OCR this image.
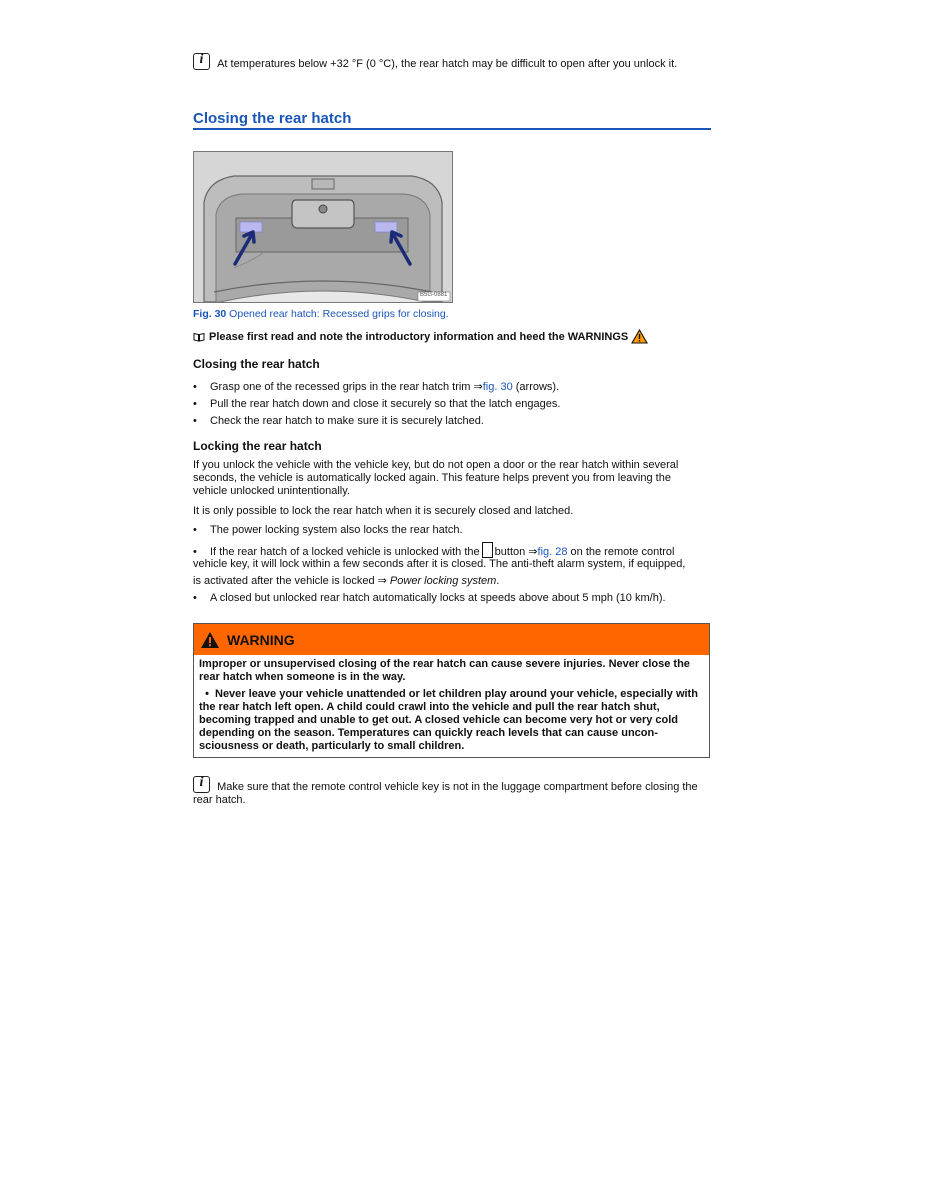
i	At temperatures below +32 °F (0 °C), the rear hatch may be difficult to open after you unlock it.
Closing the rear hatch
B5G-0881
Fig. 30 Opened rear hatch: Recessed grips for closing.
Please first read and note the introductory information and heed the WARNINGS
Closing the rear hatch
•	Grasp one of the recessed grips in the rear hatch trim ⇒fig. 30 (arrows).
•	Pull the rear hatch down and close it securely so that the latch engages.
•	Check the rear hatch to make sure it is securely latched.
Locking the rear hatch
If you unlock the vehicle with the vehicle key, but do not open a door or the rear hatch within several seconds, the vehicle is automatically locked again. This feature helps prevent you from leaving the vehicle unlocked unintentionally.
It is only possible to lock the rear hatch when it is securely closed and latched.
•	The power locking system also locks the rear hatch.
• If the rear hatch of a locked vehicle is unlocked with the button ⇒fig. 28 on the remote control
vehicle key, it will lock within a few seconds after it is closed. The anti-theft alarm system, if equipped,
is activated after the vehicle is locked ⇒ Power locking system.
•	A closed but unlocked rear hatch automatically locks at speeds above about 5 mph (10 km/h).
WARNING
Improper or unsupervised closing of the rear hatch can cause severe injuries. Never close the rear hatch when someone is in the way.
• Never leave your vehicle unattended or let children play around your vehicle, especially with the rear hatch left open. A child could crawl into the vehicle and pull the rear hatch shut, becoming trapped and unable to get out. A closed vehicle can become very hot or very cold depending on the season. Temperatures can quickly reach levels that can cause uncon-sciousness or death, particularly to small children.
i	Make sure that the remote control vehicle key is not in the luggage compartment before closing the rear hatch.
